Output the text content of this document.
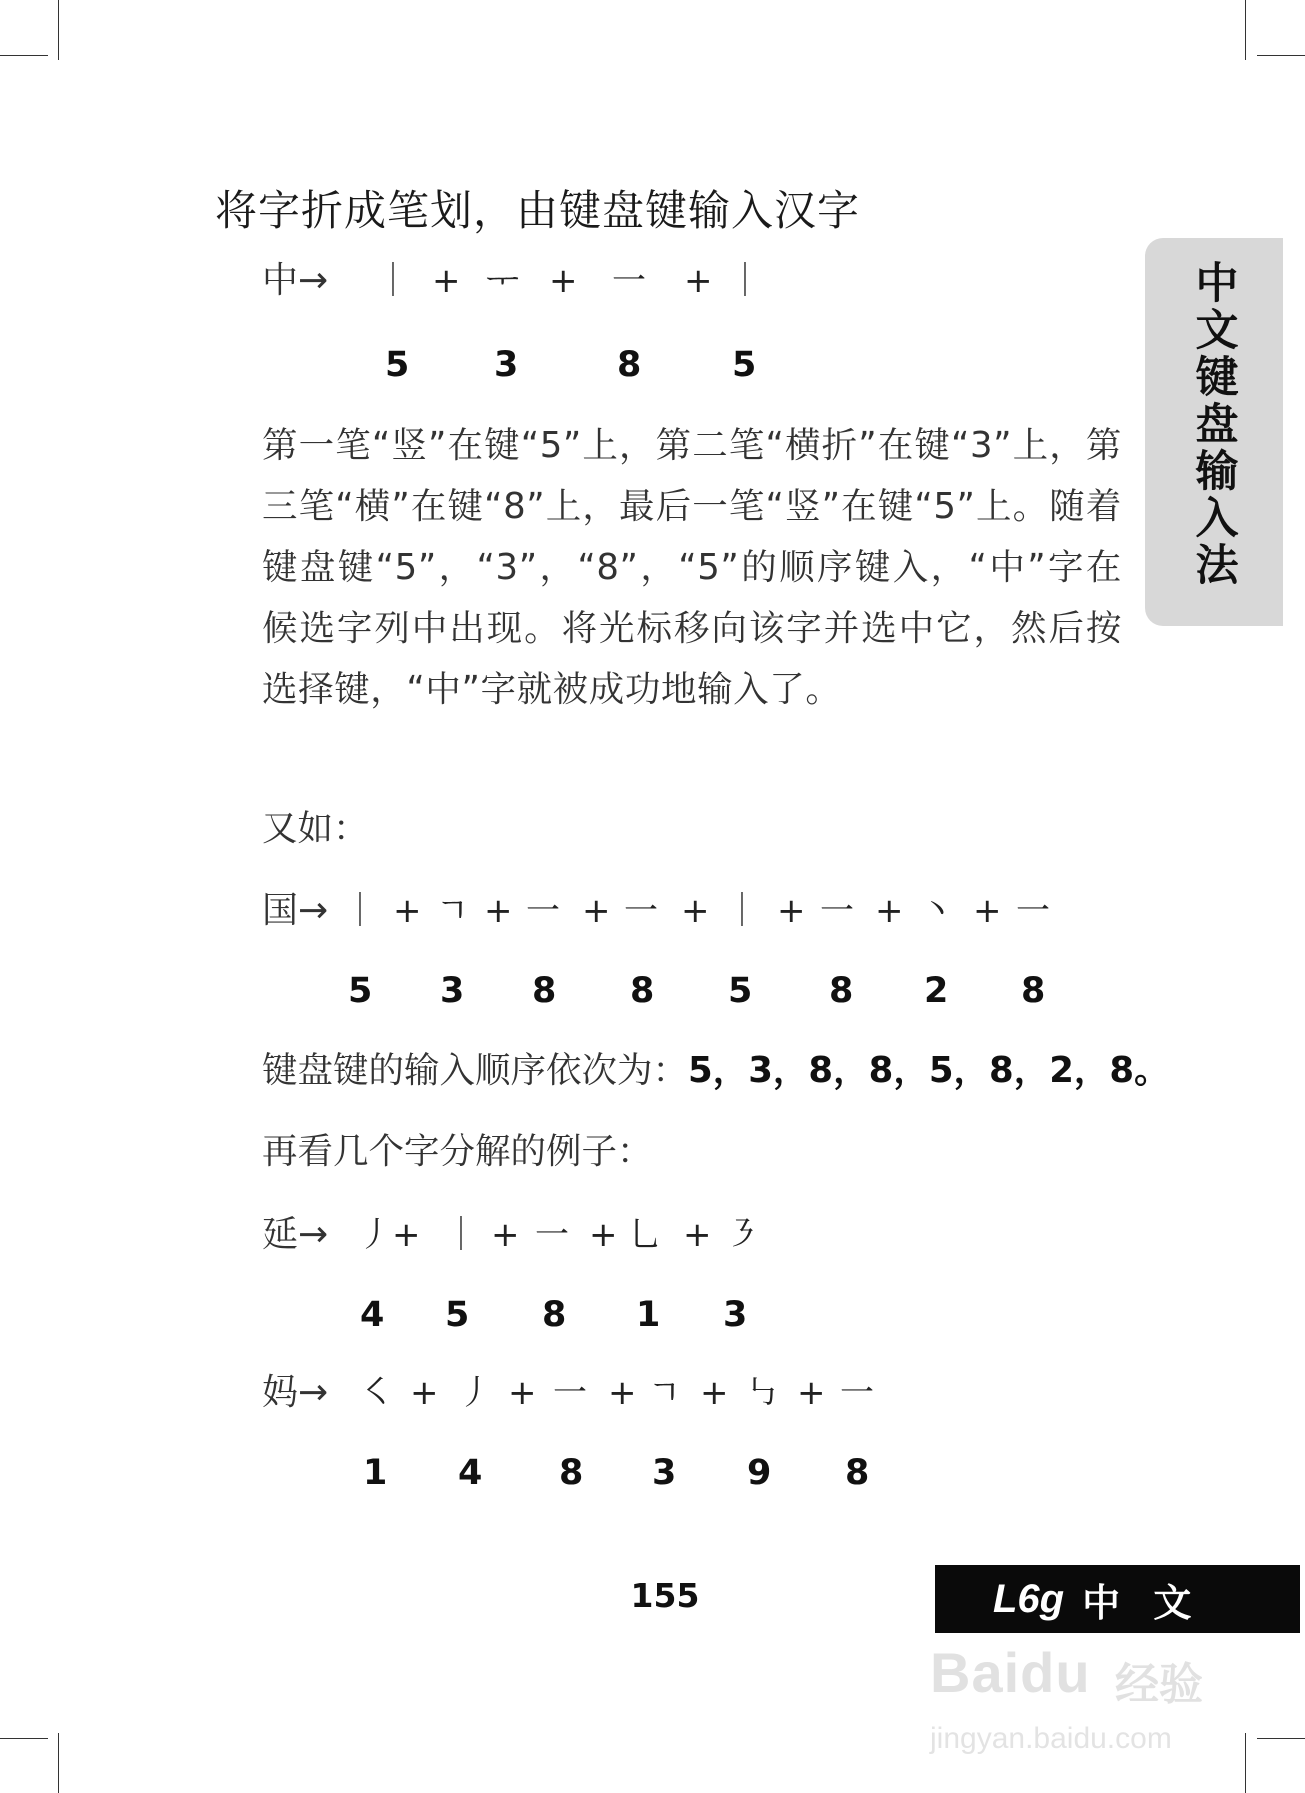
将字折成笔划，由键盘键输入汉字
中文键盘输入法
中→ ｜ + ᅮ + 一 + ｜
5 3	8	5
第一笔“竖”在键“5”上，第二笔“横折”在键“3”上，第三笔“横”在键“8”上，最后一笔“竖”在键“5”上。随着键盘键“5”，“3”，“8”，“5”的顺序键入，“中”字在候选字列中出现。将光标移向该字并选中它，然后按选择键，“中”字就被成功地输入了。
又如：
国→ ｜ + ㄱ + 一 + 一 + ｜ + 一 + 丶 + 一
5 3 8 8 5 8 2 8
键盘键的输入顺序依次为：5，3，8，8，5，8，2，8。
再看几个字分解的例子：
延→ 丿 + ｜ + 一 + 乚 + ㇋
4 5 8 1 3
妈→ ㇛ + 丿 + 一 + ㄱ + ㇉ + 一
1 4 8 3 9 8
155	L6g 中 文
Baidu 经验
jingyan.baidu.com
